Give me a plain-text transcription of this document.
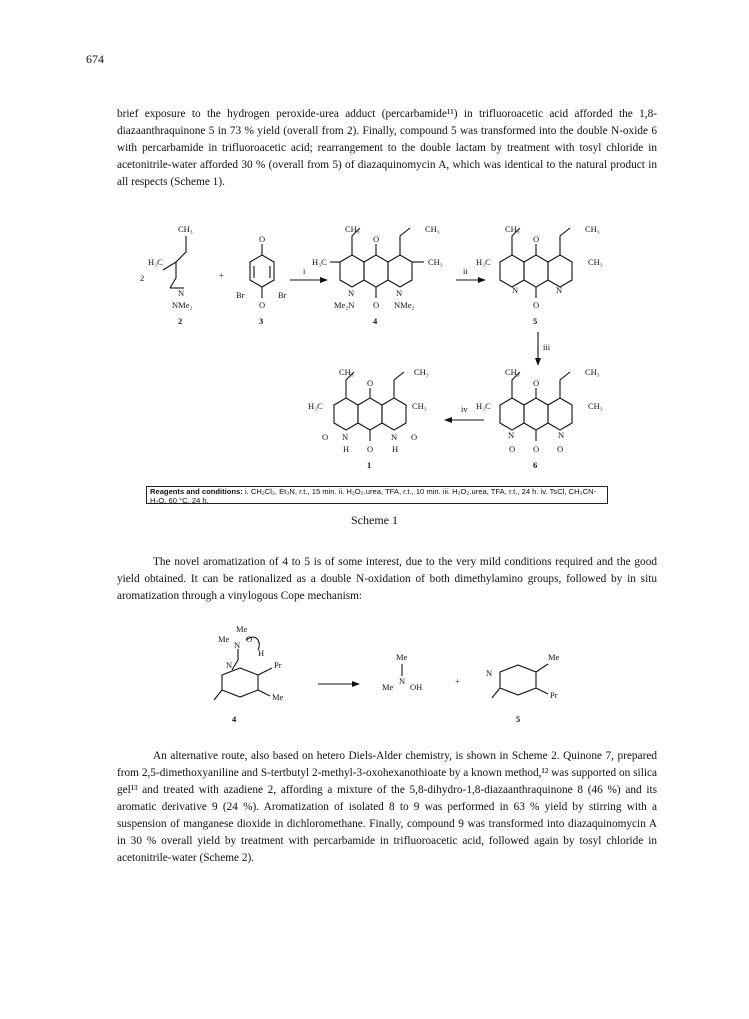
674

brief exposure to the hydrogen peroxide-urea adduct (percarbamide¹¹) in trifluoroacetic acid afforded the 1,8-diazaanthraquinone 5 in 73 % yield (overall from 2). Finally, compound 5 was transformed into the double N-oxide 6 with percarbamide in trifluoroacetic acid; rearrangement to the double lactam by treatment with tosyl chloride in acetonitrile-water afforded 30 % (overall from 5) of diazaquinomycin A, which was identical to the natural product in all respects (Scheme 1).

CH₃
H₃C
2
N
NMe₂
2
+
O
Br	Br
O
3
i
CH₃	CH₃
H₃C	CH₃
O
N	N
Me₂N O NMe₂
4
ii
CH₃	CH₃
H₃C	CH₃
O
N	N
O
5
iii
CH₃	CH₃
H₃C	CH₃
O
O N
O
N O
H	H
1
iv
CH₃	CH₃
H₃C	CH₃
O
N	N
O O O
6
Me
Me
N
O
H
N	Pr
Me
4
Me
Me
N
OH
+
Me
N
Pr
5
Reagents and conditions: i. CH₂Cl₂, Et₃N, r.t., 15 min. ii. H₂O₂.urea, TFA, r.t., 10 min. iii. H₂O₂.urea, TFA, r.t., 24 h. iv. TsCl, CH₃CN-H₂O, 60 °C, 24 h.
Scheme 1

The novel aromatization of 4 to 5 is of some interest, due to the very mild conditions required and the good yield obtained. It can be rationalized as a double N-oxidation of both dimethylamino groups, followed by in situ aromatization through a vinylogous Cope mechanism:

An alternative route, also based on hetero Diels-Alder chemistry, is shown in Scheme 2. Quinone 7, prepared from 2,5-dimethoxyaniline and S-tertbutyl 2-methyl-3-oxohexanothioate by a known method,¹² was supported on silica gel¹³ and treated with azadiene 2, affording a mixture of the 5,8-dihydro-1,8-diazaanthraquinone 8 (46 %) and its aromatic derivative 9 (24 %). Aromatization of isolated 8 to 9 was performed in 63 % yield by stirring with a suspension of manganese dioxide in dichloromethane. Finally, compound 9 was transformed into diazaquinomycin A in 30 % overall yield by treatment with percarbamide in trifluoroacetic acid, followed again by tosyl chloride in acetonitrile-water (Scheme 2).
